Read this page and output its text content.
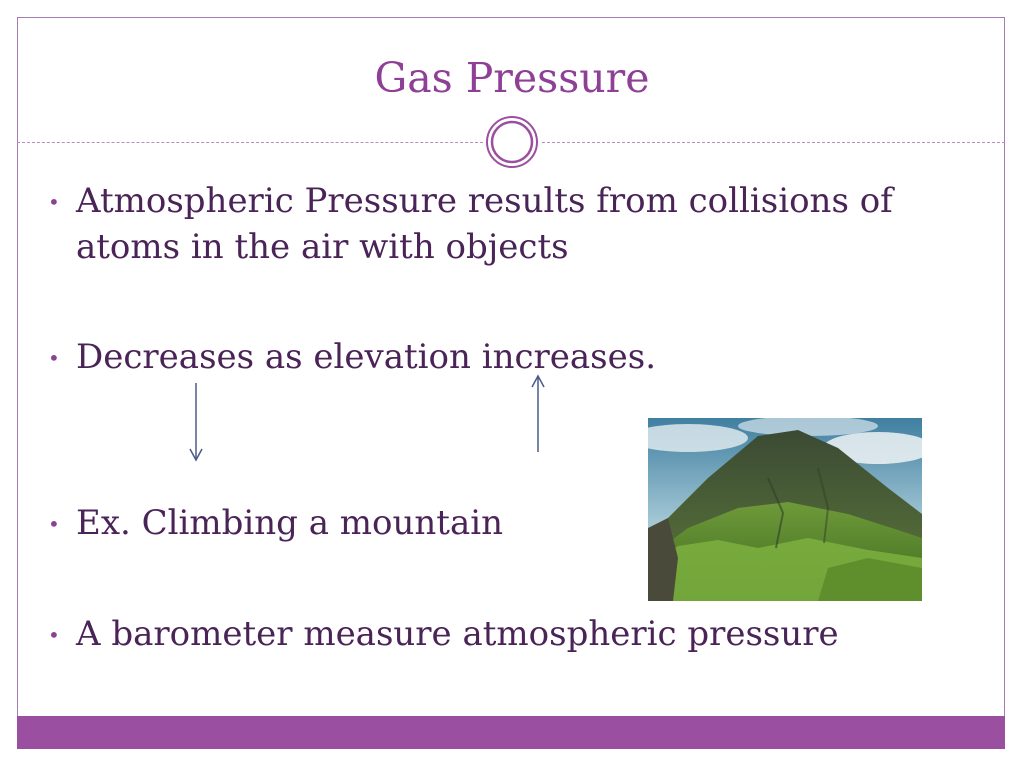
Gas Pressure
• Atmospheric Pressure results from collisions of atoms in the air with objects
• Decreases as elevation increases.
• Ex. Climbing a mountain
• A barometer measure atmospheric pressure
